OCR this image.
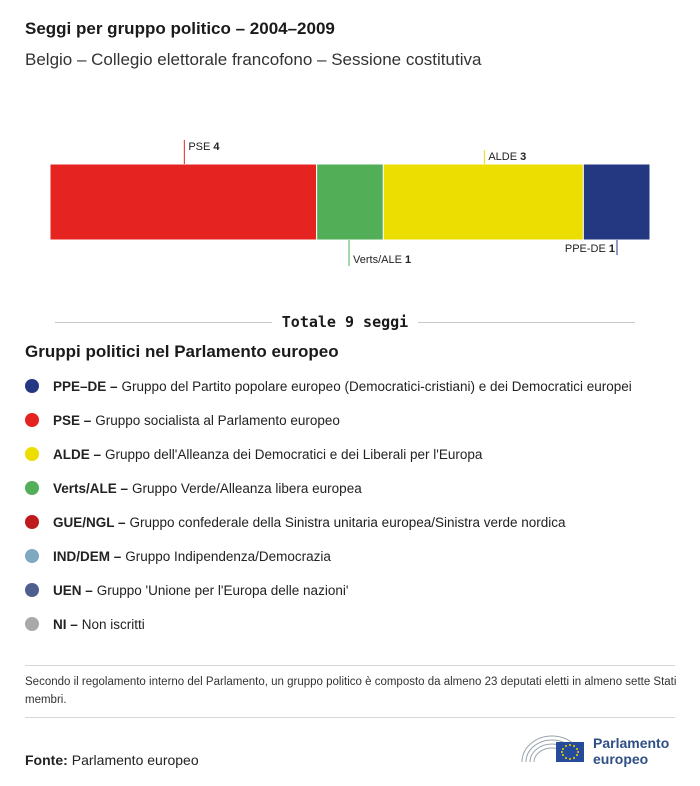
Seggi per gruppo politico – 2004–2009
Belgio – Collegio elettorale francofono – Sessione costitutiva
PSE 4
Verts/ALE 1
ALDE 3
PPE-DE 1
Totale 9 seggi
Gruppi politici nel Parlamento europeo
PPE–DE – Gruppo del Partito popolare europeo (Democratici-cristiani) e dei Democratici europei
PSE – Gruppo socialista al Parlamento europeo
ALDE – Gruppo dell'Alleanza dei Democratici e dei Liberali per l'Europa
Verts/ALE – Gruppo Verde/Alleanza libera europea
GUE/NGL – Gruppo confederale della Sinistra unitaria europea/Sinistra verde nordica
IND/DEM – Gruppo Indipendenza/Democrazia
UEN – Gruppo 'Unione per l'Europa delle nazioni'
NI – Non iscritti
Secondo il regolamento interno del Parlamento, un gruppo politico è composto da almeno 23 deputati eletti in almeno sette Stati membri.
Fonte: Parlamento europeo
Parlamento
europeo
